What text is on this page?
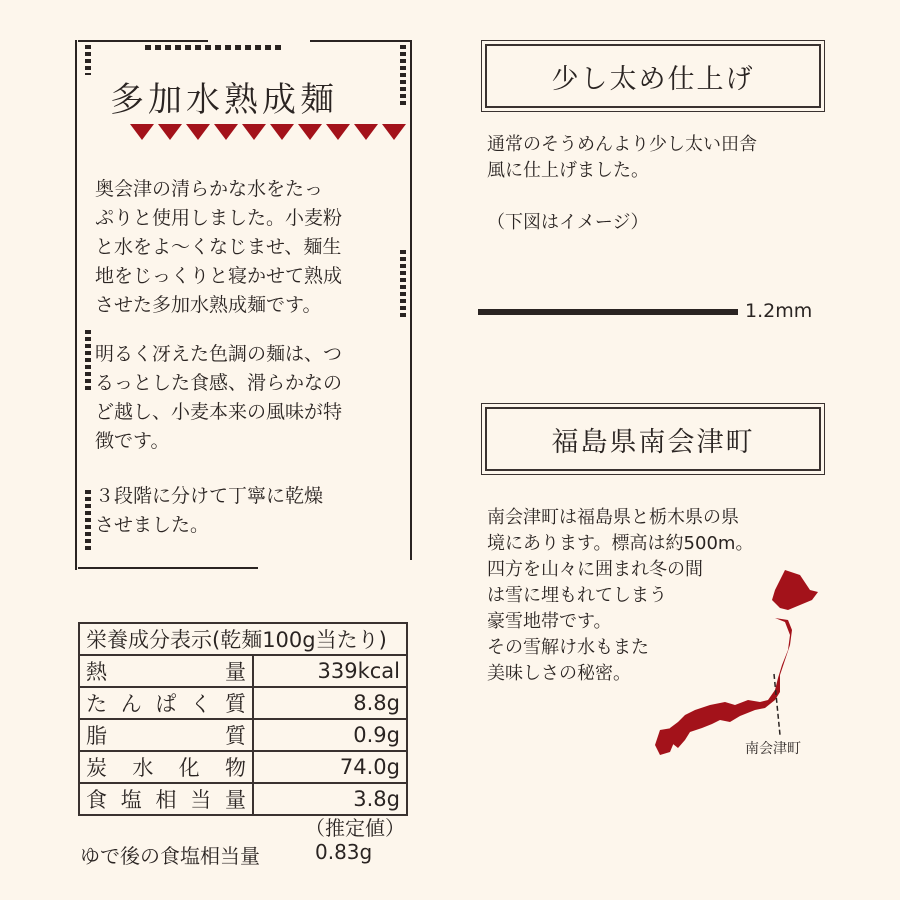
多加水熟成麺
奥会津の清らかな水をたっ
ぷりと使用しました。小麦粉
と水をよ〜くなじませ、麺生
地をじっくりと寝かせて熟成
させた多加水熟成麺です。
明るく冴えた色調の麺は、つ
るっとした食感、滑らかなの
ど越し、小麦本来の風味が特
徴です。
３段階に分けて丁寧に乾燥
させました。
少し太め仕上げ
通常のそうめんより少し太い田舎
風に仕上げました。
（下図はイメージ）
1.2mm
福島県南会津町
南会津町は福島県と栃木県の県
境にあります。標高は約500m。
四方を山々に囲まれ冬の間
は雪に埋もれてしまう
豪雪地帯です。
その雪解け水もまた
美味しさの秘密。
南会津町
栄養成分表示(乾麺100g当たり)	
熱量	339kcal
たんぱく質	8.8g
脂質	0.9g
炭水化物	74.0g
食塩相当量	3.8g
（推定値）
ゆで後の食塩相当量	0.83g
